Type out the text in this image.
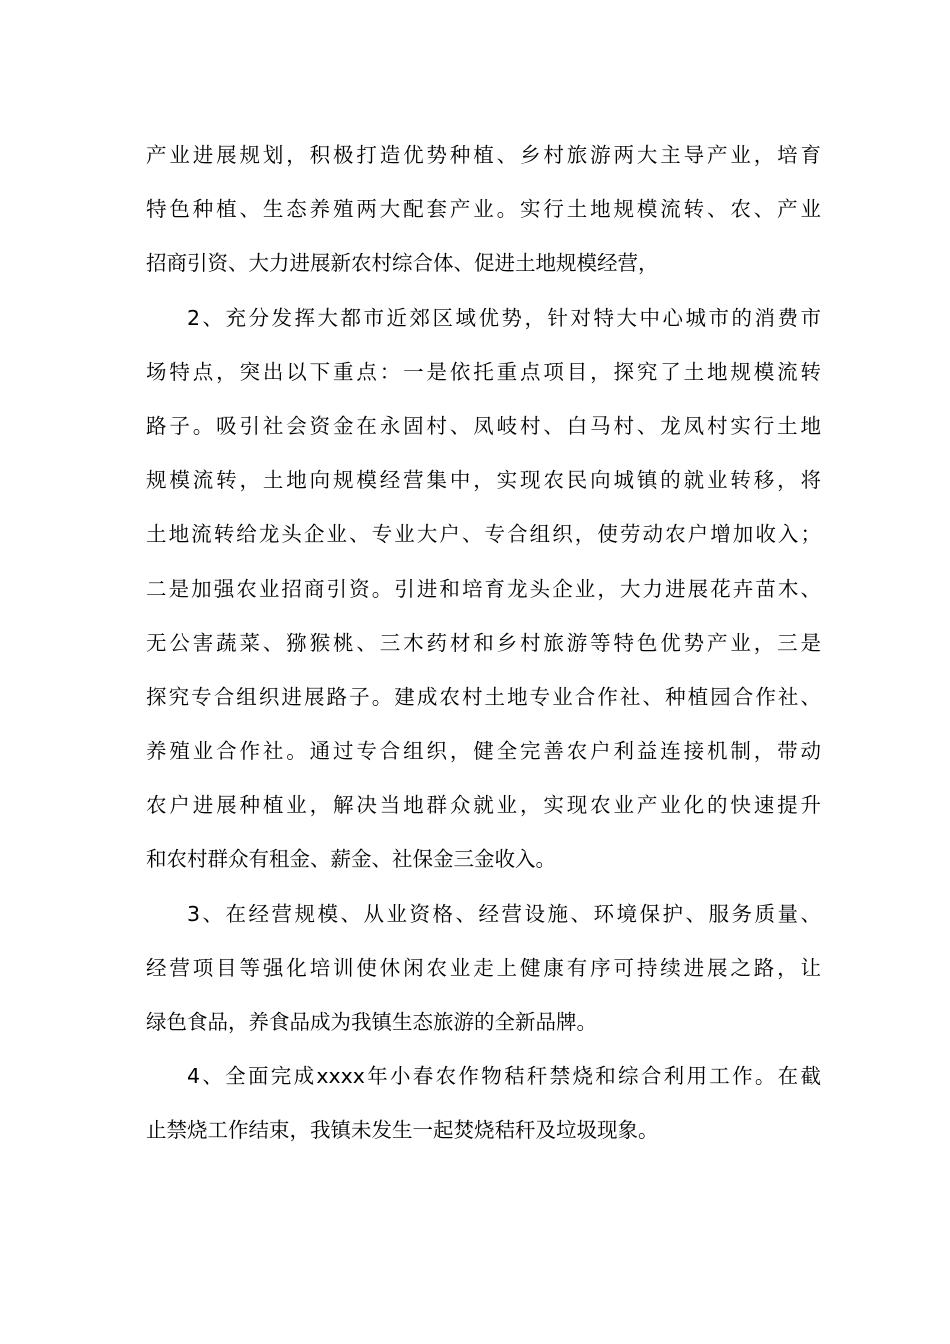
产业进展规划，积极打造优势种植、乡村旅游两大主导产业，培育
特色种植、生态养殖两大配套产业。实行土地规模流转、农、产业
招商引资、大力进展新农村综合体、促进土地规模经营，
2、充分发挥大都市近郊区域优势，针对特大中心城市的消费市
场特点，突出以下重点：一是依托重点项目，探究了土地规模流转
路子。吸引社会资金在永固村、凤岐村、白马村、龙凤村实行土地
规模流转，土地向规模经营集中，实现农民向城镇的就业转移，将
土地流转给龙头企业、专业大户、专合组织，使劳动农户增加收入；
二是加强农业招商引资。引进和培育龙头企业，大力进展花卉苗木、
无公害蔬菜、猕猴桃、三木药材和乡村旅游等特色优势产业，三是
探究专合组织进展路子。建成农村土地专业合作社、种植园合作社、
养殖业合作社。通过专合组织，健全完善农户利益连接机制，带动
农户进展种植业，解决当地群众就业，实现农业产业化的快速提升
和农村群众有租金、薪金、社保金三金收入。
3、在经营规模、从业资格、经营设施、环境保护、服务质量、
经营项目等强化培训使休闲农业走上健康有序可持续进展之路，让
绿色食品，养食品成为我镇生态旅游的全新品牌。
4、全面完成xxxx年小春农作物秸秆禁烧和综合利用工作。在截
止禁烧工作结束，我镇未发生一起焚烧秸秆及垃圾现象。
